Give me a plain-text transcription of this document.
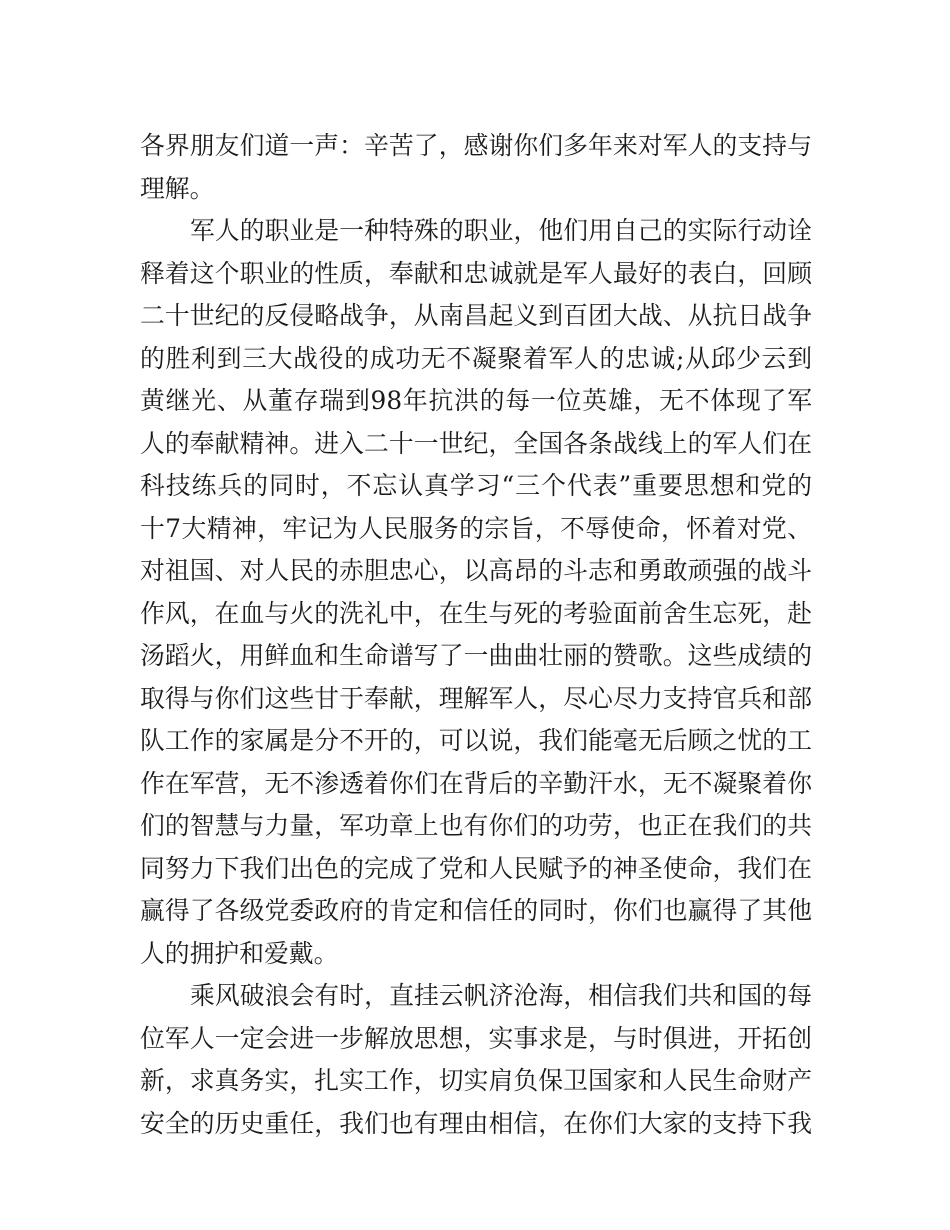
各界朋友们道一声：辛苦了，感谢你们多年来对军人的支持与
理解。
军人的职业是一种特殊的职业，他们用自己的实际行动诠
释着这个职业的性质，奉献和忠诚就是军人最好的表白，回顾
二十世纪的反侵略战争，从南昌起义到百团大战、从抗日战争
的胜利到三大战役的成功无不凝聚着军人的忠诚;从邱少云到
黄继光、从董存瑞到98年抗洪的每一位英雄，无不体现了军
人的奉献精神。进入二十一世纪，全国各条战线上的军人们在
科技练兵的同时，不忘认真学习“三个代表”重要思想和党的
十7大精神，牢记为人民服务的宗旨，不辱使命，怀着对党、
对祖国、对人民的赤胆忠心，以高昂的斗志和勇敢顽强的战斗
作风，在血与火的洗礼中，在生与死的考验面前舍生忘死，赴
汤蹈火，用鲜血和生命谱写了一曲曲壮丽的赞歌。这些成绩的
取得与你们这些甘于奉献，理解军人，尽心尽力支持官兵和部
队工作的家属是分不开的，可以说，我们能毫无后顾之忧的工
作在军营，无不渗透着你们在背后的辛勤汗水，无不凝聚着你
们的智慧与力量，军功章上也有你们的功劳，也正在我们的共
同努力下我们出色的完成了党和人民赋予的神圣使命，我们在
赢得了各级党委政府的肯定和信任的同时，你们也赢得了其他
人的拥护和爱戴。
乘风破浪会有时，直挂云帆济沧海，相信我们共和国的每
位军人一定会进一步解放思想，实事求是，与时俱进，开拓创
新，求真务实，扎实工作，切实肩负保卫国家和人民生命财产
安全的历史重任，我们也有理由相信，在你们大家的支持下我
